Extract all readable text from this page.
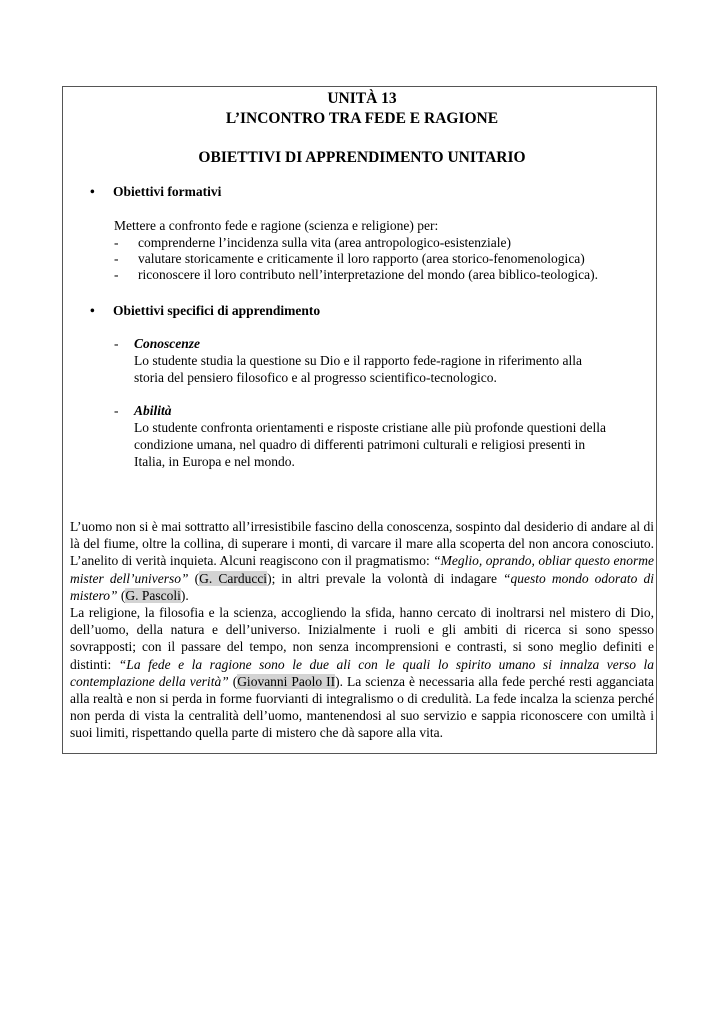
UNITÀ 13
L’INCONTRO TRA FEDE E RAGIONE
OBIETTIVI DI APPRENDIMENTO UNITARIO
• Obiettivi formativi
Mettere a confronto fede e ragione (scienza e religione) per:
- comprenderne l’incidenza sulla vita (area antropologico-esistenziale)
- valutare storicamente e criticamente il loro rapporto (area storico-fenomenologica)
- riconoscere il loro contributo nell’interpretazione del mondo (area biblico-teologica).
• Obiettivi specifici di apprendimento
- Conoscenze
Lo studente studia la questione su Dio e il rapporto fede-ragione in riferimento alla
storia del pensiero filosofico e al progresso scientifico-tecnologico.
- Abilità
Lo studente confronta orientamenti e risposte cristiane alle più profonde questioni della
condizione umana, nel quadro di differenti patrimoni culturali e religiosi presenti in
Italia, in Europa e nel mondo.

L’uomo non si è mai sottratto all’irresistibile fascino della conoscenza, sospinto dal desiderio di andare al di là del fiume, oltre la collina, di superare i monti, di varcare il mare alla scoperta del non ancora conosciuto. L’anelito di verità inquieta. Alcuni reagiscono con il pragmatismo: “Meglio, oprando, obliar questo enorme mister dell’universo” (G. Carducci); in altri prevale la volontà di indagare “questo mondo odorato di mistero” (G. Pascoli).

La religione, la filosofia e la scienza, accogliendo la sfida, hanno cercato di inoltrarsi nel mistero di Dio, dell’uomo, della natura e dell’universo. Inizialmente i ruoli e gli ambiti di ricerca si sono spesso sovrapposti; con il passare del tempo, non senza incomprensioni e contrasti, si sono meglio definiti e distinti: “La fede e la ragione sono le due ali con le quali lo spirito umano si innalza verso la contemplazione della verità” (Giovanni Paolo II). La scienza è necessaria alla fede perché resti agganciata alla realtà e non si perda in forme fuorvianti di integralismo o di credulità. La fede incalza la scienza perché non perda di vista la centralità dell’uomo, mantenendosi al suo servizio e sappia riconoscere con umiltà i suoi limiti, rispettando quella parte di mistero che dà sapore alla vita.
